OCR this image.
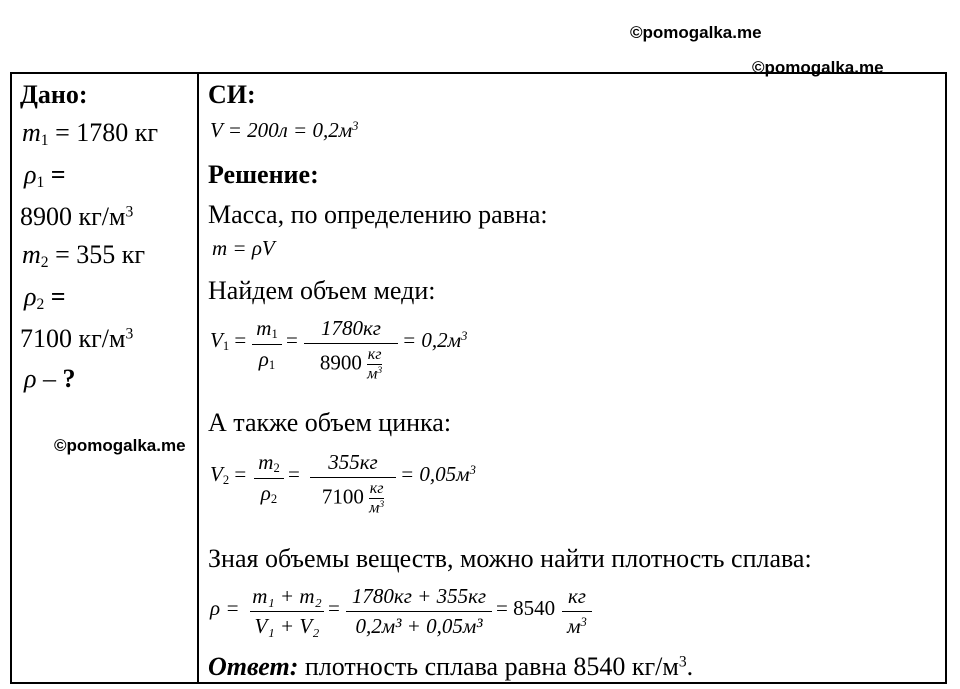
©pomogalka.me
©pomogalka.me
Дано:
$m_1 = 1780$ кг
$\rho_1$ =
8900 $кг/м^3$
$m_2 = 355$ кг
$\rho_2$ =
7100 $кг/м^3$
ρ – ?
©pomogalka.me
СИ:
$V = 200л = 0,2м^3$
Решение:
Масса, по определению равна:
m = ρV
Найдем объем меди:
$V_1 = m_1$
$\rho_1$
=	1780кг
8900 кг
$м^3$
= $0,2м^3$
А также объем цинка:
$V_2 = m_2$
$\rho_2$
=	355кг
7100 кг
$м^3$
= $0,05м^3$
Зная объемы веществ, можно найти плотность сплава:
ρ = m₁ + m₂
V₁ + V₂
= 1780кг + 355кг
0,2м³ + 0,05м³
= 8540 кг
$м^3$
Ответ: плотность сплава равна 8540 $кг/м^3$.
